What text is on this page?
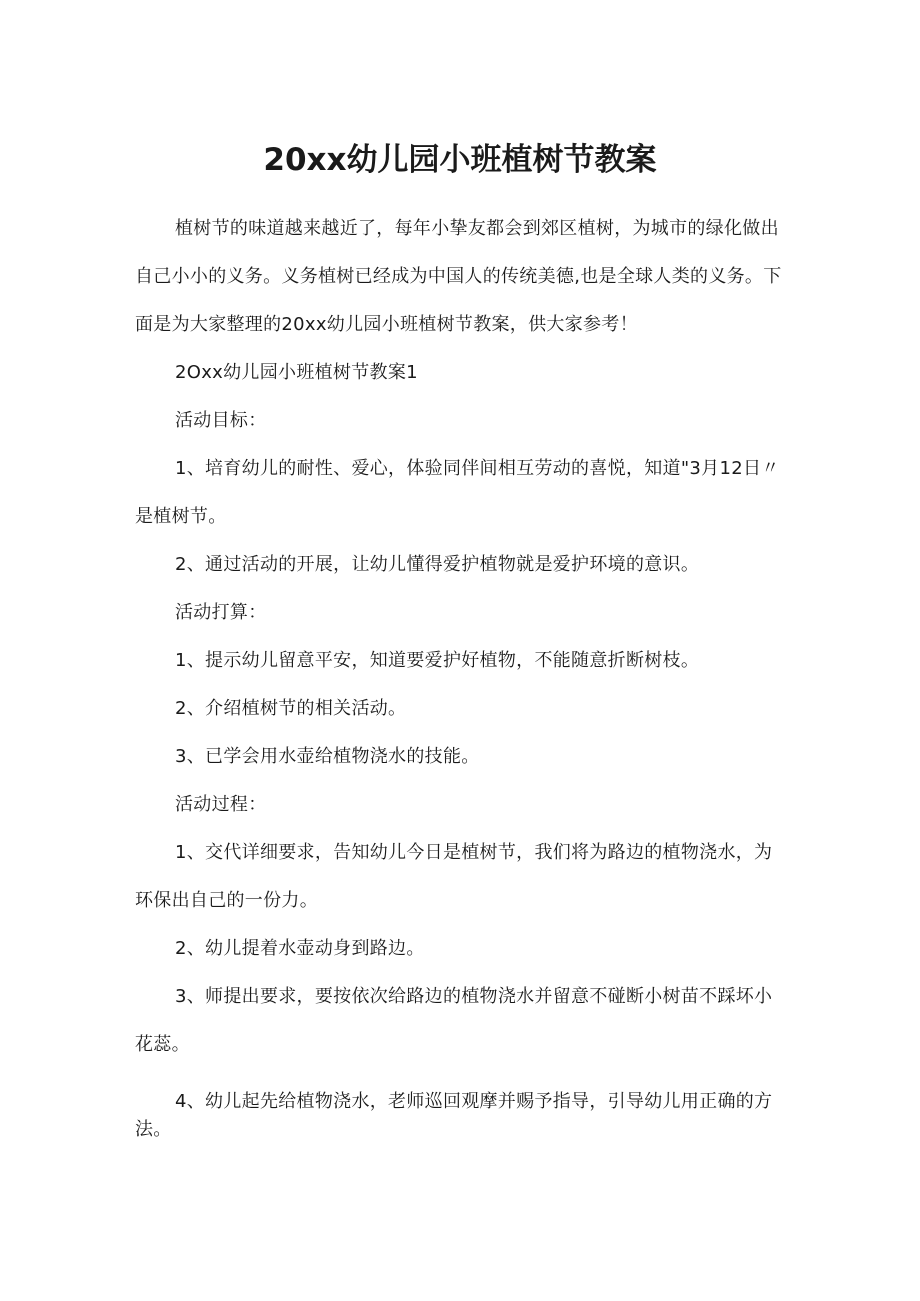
20xx幼儿园小班植树节教案

植树节的味道越来越近了，每年小挚友都会到郊区植树，为城市的绿化做出自己小小的义务。义务植树已经成为中国人的传统美德,也是全球人类的义务。下面是为大家整理的20xx幼儿园小班植树节教案，供大家参考！

2Oxx幼儿园小班植树节教案1

活动目标：

1、培育幼儿的耐性、爱心，体验同伴间相互劳动的喜悦，知道"3月12日〃是植树节。

2、通过活动的开展，让幼儿懂得爱护植物就是爱护环境的意识。

活动打算：

1、提示幼儿留意平安，知道要爱护好植物，不能随意折断树枝。

2、介绍植树节的相关活动。

3、已学会用水壶给植物浇水的技能。

活动过程：

1、交代详细要求，告知幼儿今日是植树节，我们将为路边的植物浇水，为环保出自己的一份力。

2、幼儿提着水壶动身到路边。

3、师提出要求，要按依次给路边的植物浇水并留意不碰断小树苗不踩坏小花蕊。

4、幼儿起先给植物浇水，老师巡回观摩并赐予指导，引导幼儿用正确的方法。
